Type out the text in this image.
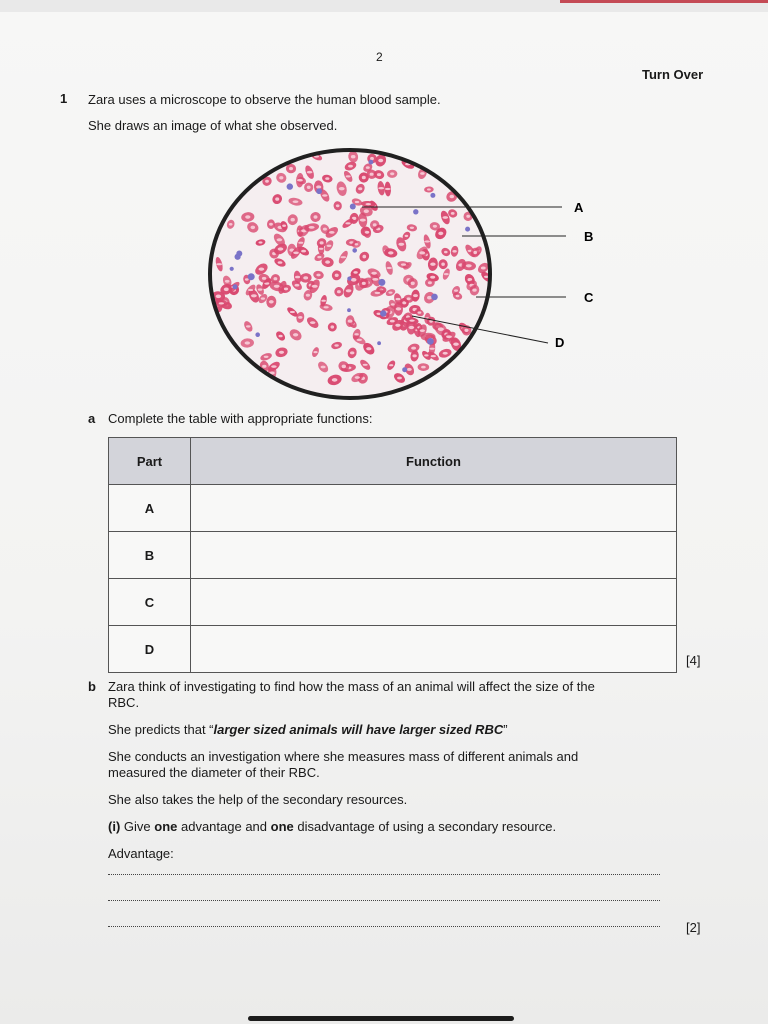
2
Turn Over
1 Zara uses a microscope to observe the human blood sample.
She draws an image of what she observed.
A
B
C
D
a Complete the table with appropriate functions:
Part	Function
A	
B	
C	
D	
[4]
b Zara think of investigating to find how the mass of an animal will affect the size of the
RBC.
She predicts that “larger sized animals will have larger sized RBC”
She conducts an investigation where she measures mass of different animals and
measured the diameter of their RBC.
She also takes the help of the secondary resources.
(i) Give one advantage and one disadvantage of using a secondary resource.
Advantage:
[2]
